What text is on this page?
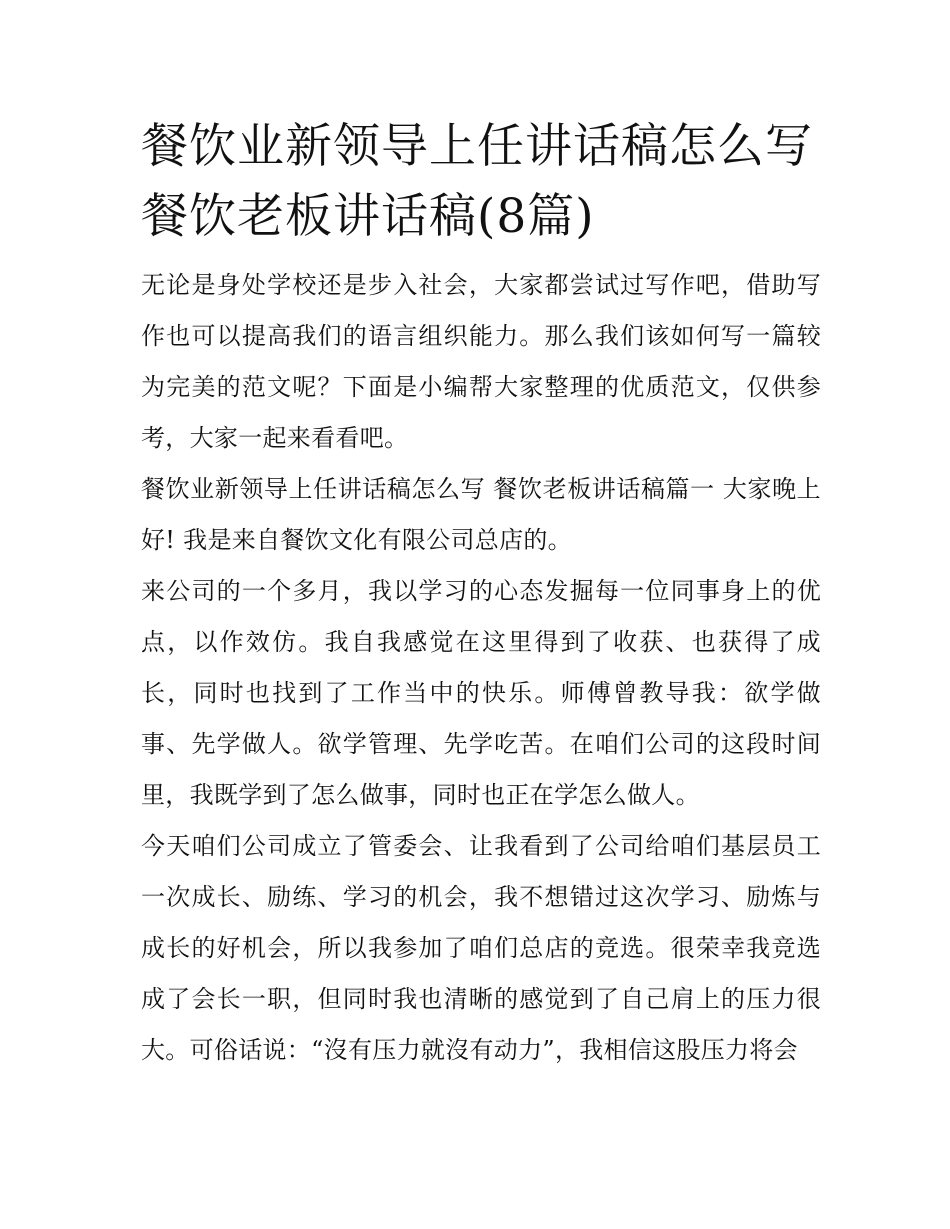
餐饮业新领导上任讲话稿怎么写 餐饮老板讲话稿(8篇)

无论是身处学校还是步入社会，大家都尝试过写作吧，借助写作也可以提高我们的语言组织能力。那么我们该如何写一篇较为完美的范文呢？下面是小编帮大家整理的优质范文，仅供参考，大家一起来看看吧。

餐饮业新领导上任讲话稿怎么写 餐饮老板讲话稿篇一 大家晚上好! 我是来自餐饮文化有限公司总店的。

来公司的一个多月，我以学习的心态发掘每一位同事身上的优点，以作效仿。我自我感觉在这里得到了收获、也获得了成长，同时也找到了工作当中的快乐。师傅曾教导我：欲学做事、先学做人。欲学管理、先学吃苦。在咱们公司的这段时间里，我既学到了怎么做事，同时也正在学怎么做人。

今天咱们公司成立了管委会、让我看到了公司给咱们基层员工一次成长、励练、学习的机会，我不想错过这次学习、励炼与成长的好机会，所以我参加了咱们总店的竞选。很荣幸我竞选成了会长一职，但同时我也清晰的感觉到了自己肩上的压力很大。可俗话说：“沒有压力就沒有动力”，我相信这股压力将会
